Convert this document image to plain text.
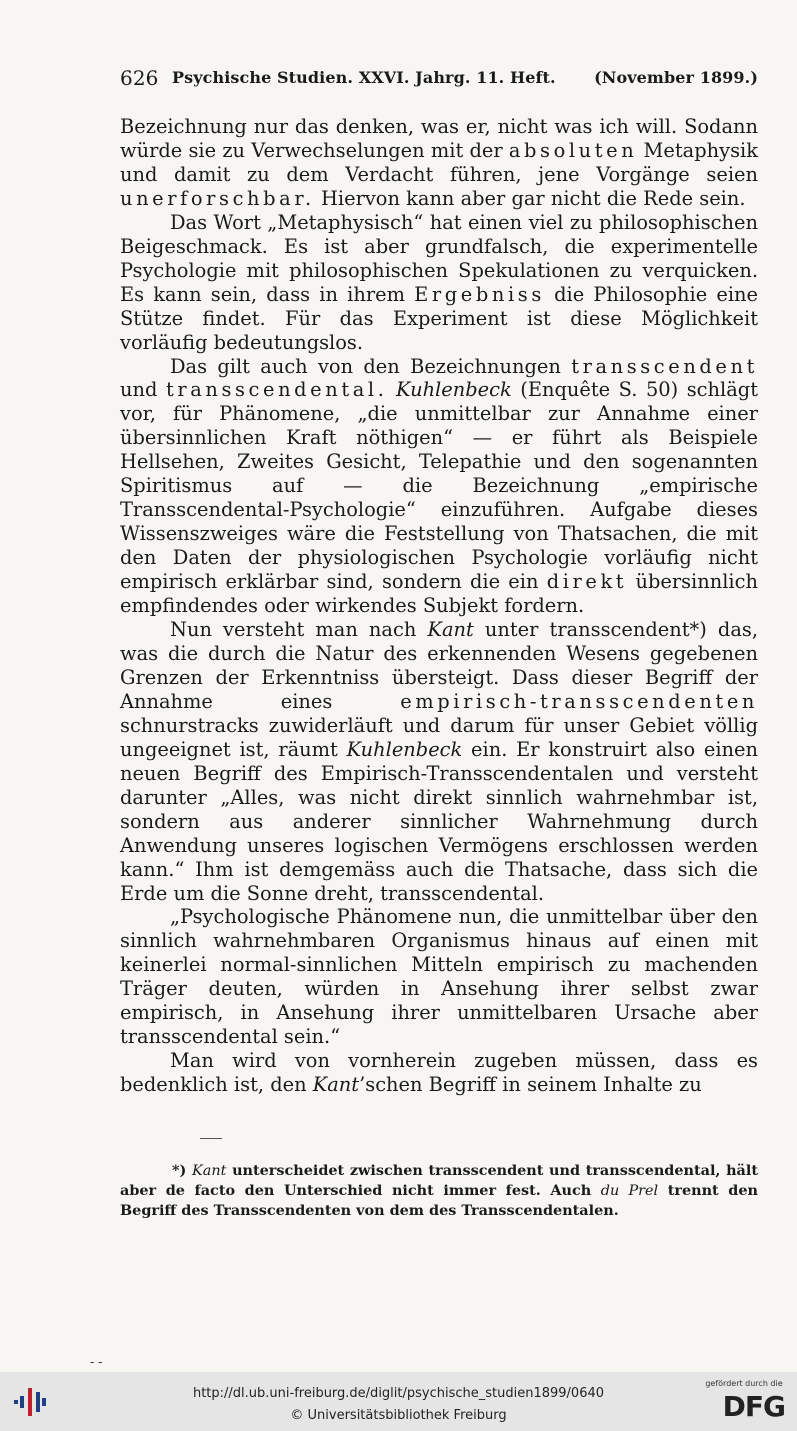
626 Psychische Studien. XXVI. Jahrg. 11. Heft. (November 1899.)

Bezeichnung nur das denken, was er, nicht was ich will. Sodann würde sie zu Verwechselungen mit der absoluten Metaphysik und damit zu dem Verdacht führen, jene Vorgänge seien unerforschbar. Hiervon kann aber gar nicht die Rede sein.

Das Wort „Metaphysisch“ hat einen viel zu philosophischen Beigeschmack. Es ist aber grundfalsch, die experimentelle Psychologie mit philosophischen Spekulationen zu verquicken. Es kann sein, dass in ihrem Ergebniss die Philosophie eine Stütze findet. Für das Experiment ist diese Möglichkeit vorläufig bedeutungslos.

Das gilt auch von den Bezeichnungen transscendent und transscendental. Kuhlenbeck (Enquête S. 50) schlägt vor, für Phänomene, „die unmittelbar zur Annahme einer übersinnlichen Kraft nöthigen“ — er führt als Beispiele Hellsehen, Zweites Gesicht, Telepathie und den sogenannten Spiritismus auf — die Bezeichnung „empirische Transscendental-Psychologie“ einzuführen. Aufgabe dieses Wissenszweiges wäre die Feststellung von Thatsachen, die mit den Daten der physiologischen Psychologie vorläufig nicht empirisch erklärbar sind, sondern die ein direkt übersinnlich empfindendes oder wirkendes Subjekt fordern.

Nun versteht man nach Kant unter transscendent*) das, was die durch die Natur des erkennenden Wesens gegebenen Grenzen der Erkenntniss übersteigt. Dass dieser Begriff der Annahme eines empirisch-transscendenten schnurstracks zuwiderläuft und darum für unser Gebiet völlig ungeeignet ist, räumt Kuhlenbeck ein. Er konstruirt also einen neuen Begriff des Empirisch-Transscendentalen und versteht darunter „Alles, was nicht direkt sinnlich wahrnehmbar ist, sondern aus anderer sinnlicher Wahrnehmung durch Anwendung unseres logischen Vermögens erschlossen werden kann.“ Ihm ist demgemäss auch die Thatsache, dass sich die Erde um die Sonne dreht, transscendental.

„Psychologische Phänomene nun, die unmittelbar über den sinnlich wahrnehmbaren Organismus hinaus auf einen mit keinerlei normal-sinnlichen Mitteln empirisch zu machenden Träger deuten, würden in Ansehung ihrer selbst zwar empirisch, in Ansehung ihrer unmittelbaren Ursache aber transscendental sein.“

Man wird von vornherein zugeben müssen, dass es bedenklich ist, den Kant’schen Begriff in seinem Inhalte zu

*) Kant unterscheidet zwischen transscendent und transscendental, hält aber de facto den Unterschied nicht immer fest. Auch du Prel trennt den Begriff des Transscendenten von dem des Transscendentalen.

- -
http://dl.ub.uni-freiburg.de/diglit/psychische_studien1899/0640
© Universitätsbibliothek Freiburg
gefördert durch die
DFG
